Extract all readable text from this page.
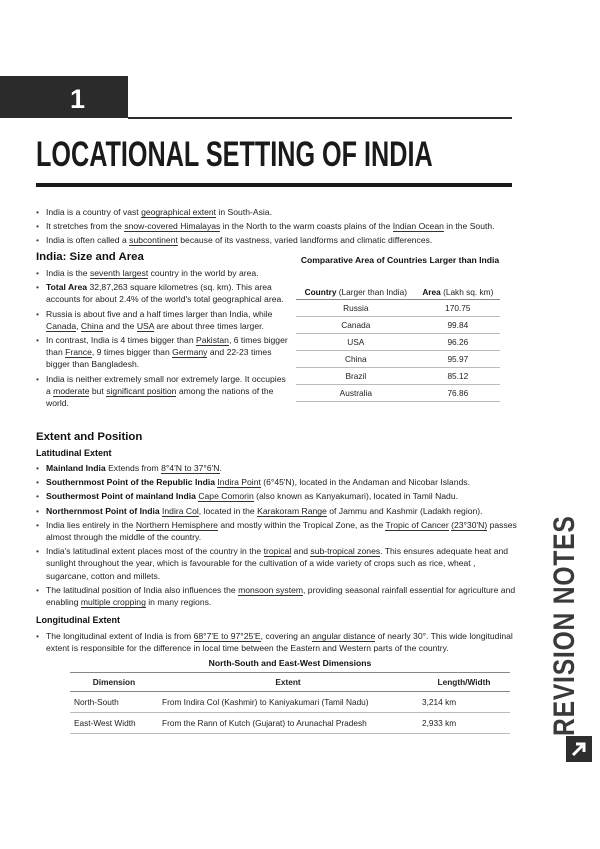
1
LOCATIONAL SETTING OF INDIA
• India is a country of vast geographical extent in South-Asia.
• It stretches from the snow-covered Himalayas in the North to the warm coasts plains of the Indian Ocean in the South.
• India is often called a subcontinent because of its vastness, varied landforms and climatic differences.
India: Size and Area
• India is the seventh largest country in the world by area.
• Total Area 32,87,263 square kilometres (sq. km). This area accounts for about 2.4% of the world's total geographical area.
• Russia is about five and a half times larger than India, while Canada, China and the USA are about three times larger.
• In contrast, India is 4 times bigger than Pakistan, 6 times bigger than France, 9 times bigger than Germany and 22-23 times bigger than Bangladesh.
• India is neither extremely small nor extremely large. It occupies a moderate but significant position among the nations of the world.
Comparative Area of Countries Larger than India
Country (Larger than India)	Area (Lakh sq. km)
Russia	170.75
Canada	99.84
USA	96.26
China	95.97
Brazil	85.12
Australia	76.86
Extent and Position
Latitudinal Extent
• Mainland India Extends from 8°4'N to 37°6'N.
• Southernmost Point of the Republic India Indira Point (6°45'N), located in the Andaman and Nicobar Islands.
• Southermost Point of mainland India Cape Comorin (also known as Kanyakumari), located in Tamil Nadu.
• Northernmost Point of India Indira Col, located in the Karakoram Range of Jammu and Kashmir (Ladakh region).
• India lies entirely in the Northern Hemisphere and mostly within the Tropical Zone, as the Tropic of Cancer (23°30'N) passes almost through the middle of the country.
• India's latitudinal extent places most of the country in the tropical and sub-tropical zones. This ensures adequate heat and sunlight throughout the year, which is favourable for the cultivation of a wide variety of crops such as rice, wheat , sugarcane, cotton and millets.
• The latitudinal position of India also influences the monsoon system, providing seasonal rainfall essential for agriculture and enabling multiple cropping in many regions.
Longitudinal Extent
• The longitudinal extent of India is from 68°7'E to 97°25'E, covering an angular distance of nearly 30°. This wide longitudinal extent is responsible for the difference in local time between the Eastern and Western parts of the country.
North-South and East-West Dimensions
Dimension	Extent	Length/Width
North-South	From Indira Col (Kashmir) to Kaniyakumari (Tamil Nadu)	3,214 km
East-West Width	From the Rann of Kutch (Gujarat) to Arunachal Pradesh	2,933 km	REVISION NOTES
